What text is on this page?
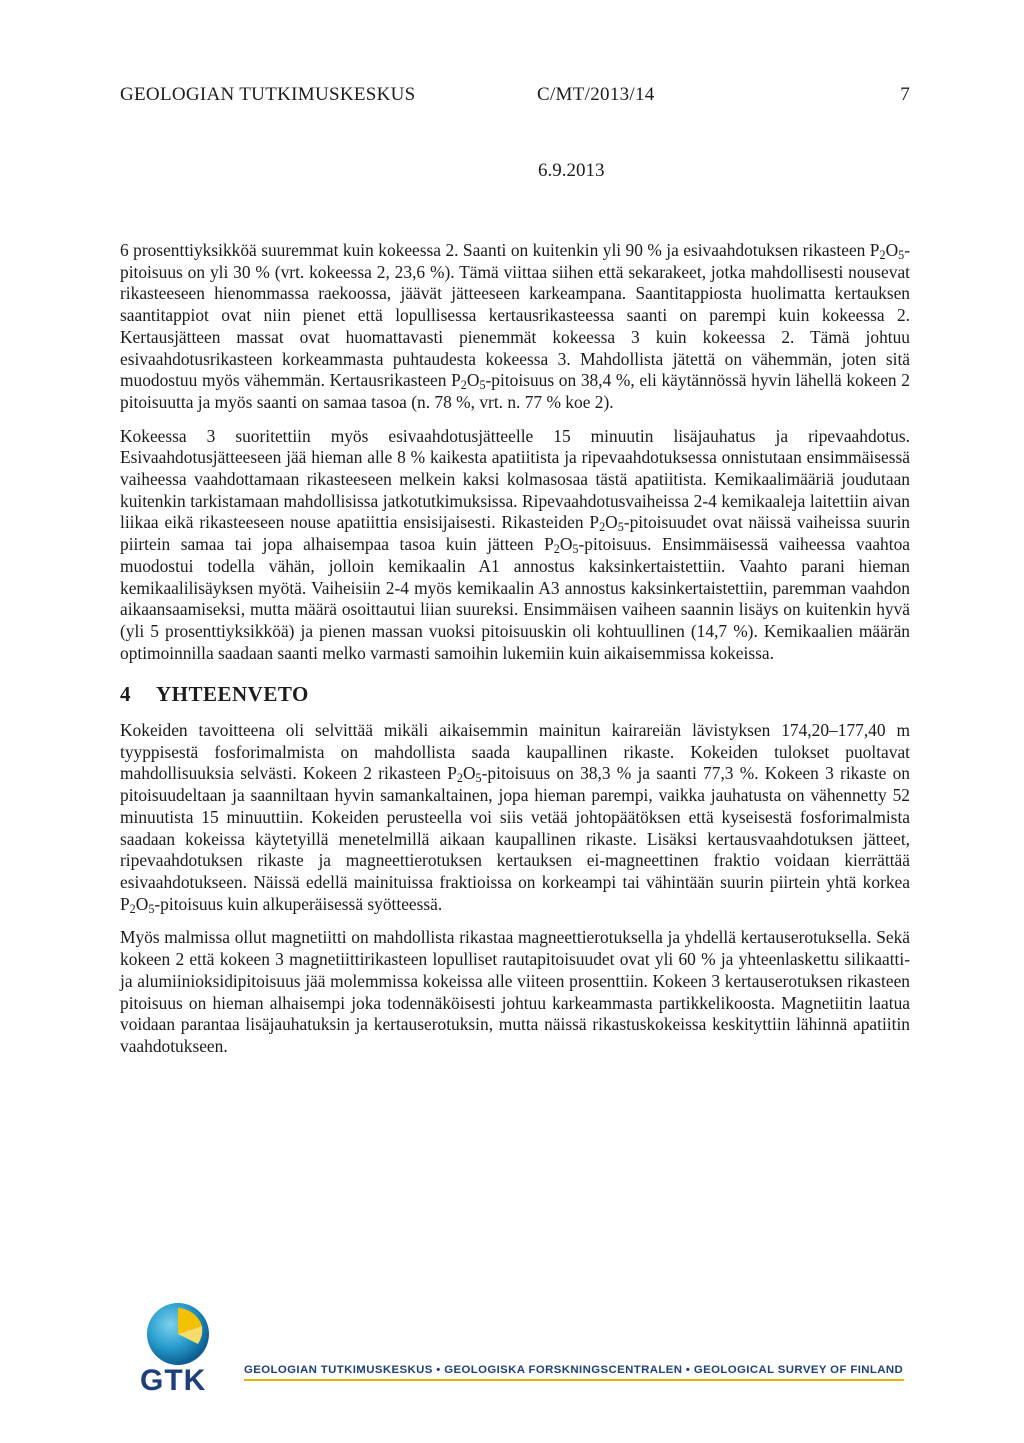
GEOLOGIAN TUTKIMUSKESKUS	C/MT/2013/14	7
6.9.2013

6 prosenttiyksikköä suuremmat kuin kokeessa 2. Saanti on kuitenkin yli 90 % ja esivaahdotuksen rikasteen $P_2O_5$-pitoisuus on yli 30 % (vrt. kokeessa 2, 23,6 %). Tämä viittaa siihen että sekarakeet, jotka mahdollisesti nousevat rikasteeseen hienommassa raekoossa, jäävät jätteeseen karkeampana. Saantitappiosta huolimatta kertauksen saantitappiot ovat niin pienet että lopullisessa kertausrikasteessa saanti on parempi kuin kokeessa 2. Kertausjätteen massat ovat huomattavasti pienemmät kokeessa 3 kuin kokeessa 2. Tämä johtuu esivaahdotusrikasteen korkeammasta puhtaudesta kokeessa 3. Mahdollista jätettä on vähemmän, joten sitä muodostuu myös vähemmän. Kertausrikasteen $P_2O_5$-pitoisuus on 38,4 %, eli käytännössä hyvin lähellä kokeen 2 pitoisuutta ja myös saanti on samaa tasoa (n. 78 %, vrt. n. 77 % koe 2).

Kokeessa 3 suoritettiin myös esivaahdotusjätteelle 15 minuutin lisäjauhatus ja ripevaahdotus. Esivaahdotusjätteeseen jää hieman alle 8 % kaikesta apatiitista ja ripevaahdotuksessa onnistutaan ensimmäisessä vaiheessa vaahdottamaan rikasteeseen melkein kaksi kolmasosaa tästä apatiitista. Kemikaalimääriä joudutaan kuitenkin tarkistamaan mahdollisissa jatkotutkimuksissa. Ripevaahdotusvaiheissa 2-4 kemikaaleja laitettiin aivan liikaa eikä rikasteeseen nouse apatiittia ensisijaisesti. Rikasteiden $P_2O_5$-pitoisuudet ovat näissä vaiheissa suurin piirtein samaa tai jopa alhaisempaa tasoa kuin jätteen $P_2O_5$-pitoisuus. Ensimmäisessä vaiheessa vaahtoa muodostui todella vähän, jolloin kemikaalin A1 annostus kaksinkertaistettiin. Vaahto parani hieman kemikaalilisäyksen myötä. Vaiheisiin 2-4 myös kemikaalin A3 annostus kaksinkertaistettiin, paremman vaahdon aikaansaamiseksi, mutta määrä osoittautui liian suureksi. Ensimmäisen vaiheen saannin lisäys on kuitenkin hyvä (yli 5 prosenttiyksikköä) ja pienen massan vuoksi pitoisuuskin oli kohtuullinen (14,7 %). Kemikaalien määrän optimoinnilla saadaan saanti melko varmasti samoihin lukemiin kuin aikaisemmissa kokeissa.

4 YHTEENVETO

Kokeiden tavoitteena oli selvittää mikäli aikaisemmin mainitun kairareiän lävistyksen 174,20–177,40 m tyyppisestä fosforimalmista on mahdollista saada kaupallinen rikaste. Kokeiden tulokset puoltavat mahdollisuuksia selvästi. Kokeen 2 rikasteen $P_2O_5$-pitoisuus on 38,3 % ja saanti 77,3 %. Kokeen 3 rikaste on pitoisuudeltaan ja saanniltaan hyvin samankaltainen, jopa hieman parempi, vaikka jauhatusta on vähennetty 52 minuutista 15 minuuttiin. Kokeiden perusteella voi siis vetää johtopäätöksen että kyseisestä fosforimalmista saadaan kokeissa käytetyillä menetelmillä aikaan kaupallinen rikaste. Lisäksi kertausvaahdotuksen jätteet, ripevaahdotuksen rikaste ja magneettierotuksen kertauksen ei-magneettinen fraktio voidaan kierrättää esivaahdotukseen. Näissä edellä mainituissa fraktioissa on korkeampi tai vähintään suurin piirtein yhtä korkea $P_2O_5$-pitoisuus kuin alkuperäisessä syötteessä.

Myös malmissa ollut magnetiitti on mahdollista rikastaa magneettierotuksella ja yhdellä kertauserotuksella. Sekä kokeen 2 että kokeen 3 magnetiittirikasteen lopulliset rautapitoisuudet ovat yli 60 % ja yhteenlaskettu silikaatti- ja alumiinioksidipitoisuus jää molemmissa kokeissa alle viiteen prosenttiin. Kokeen 3 kertauserotuksen rikasteen pitoisuus on hieman alhaisempi joka todennäköisesti johtuu karkeammasta partikkelikoosta. Magnetiitin laatua voidaan parantaa lisäjauhatuksin ja kertauserotuksin, mutta näissä rikastuskokeissa keskityttiin lähinnä apatiitin vaahdotukseen.

GTK	GEOLOGIAN TUTKIMUSKESKUS • GEOLOGISKA FORSKNINGSCENTRALEN • GEOLOGICAL SURVEY OF FINLAND
